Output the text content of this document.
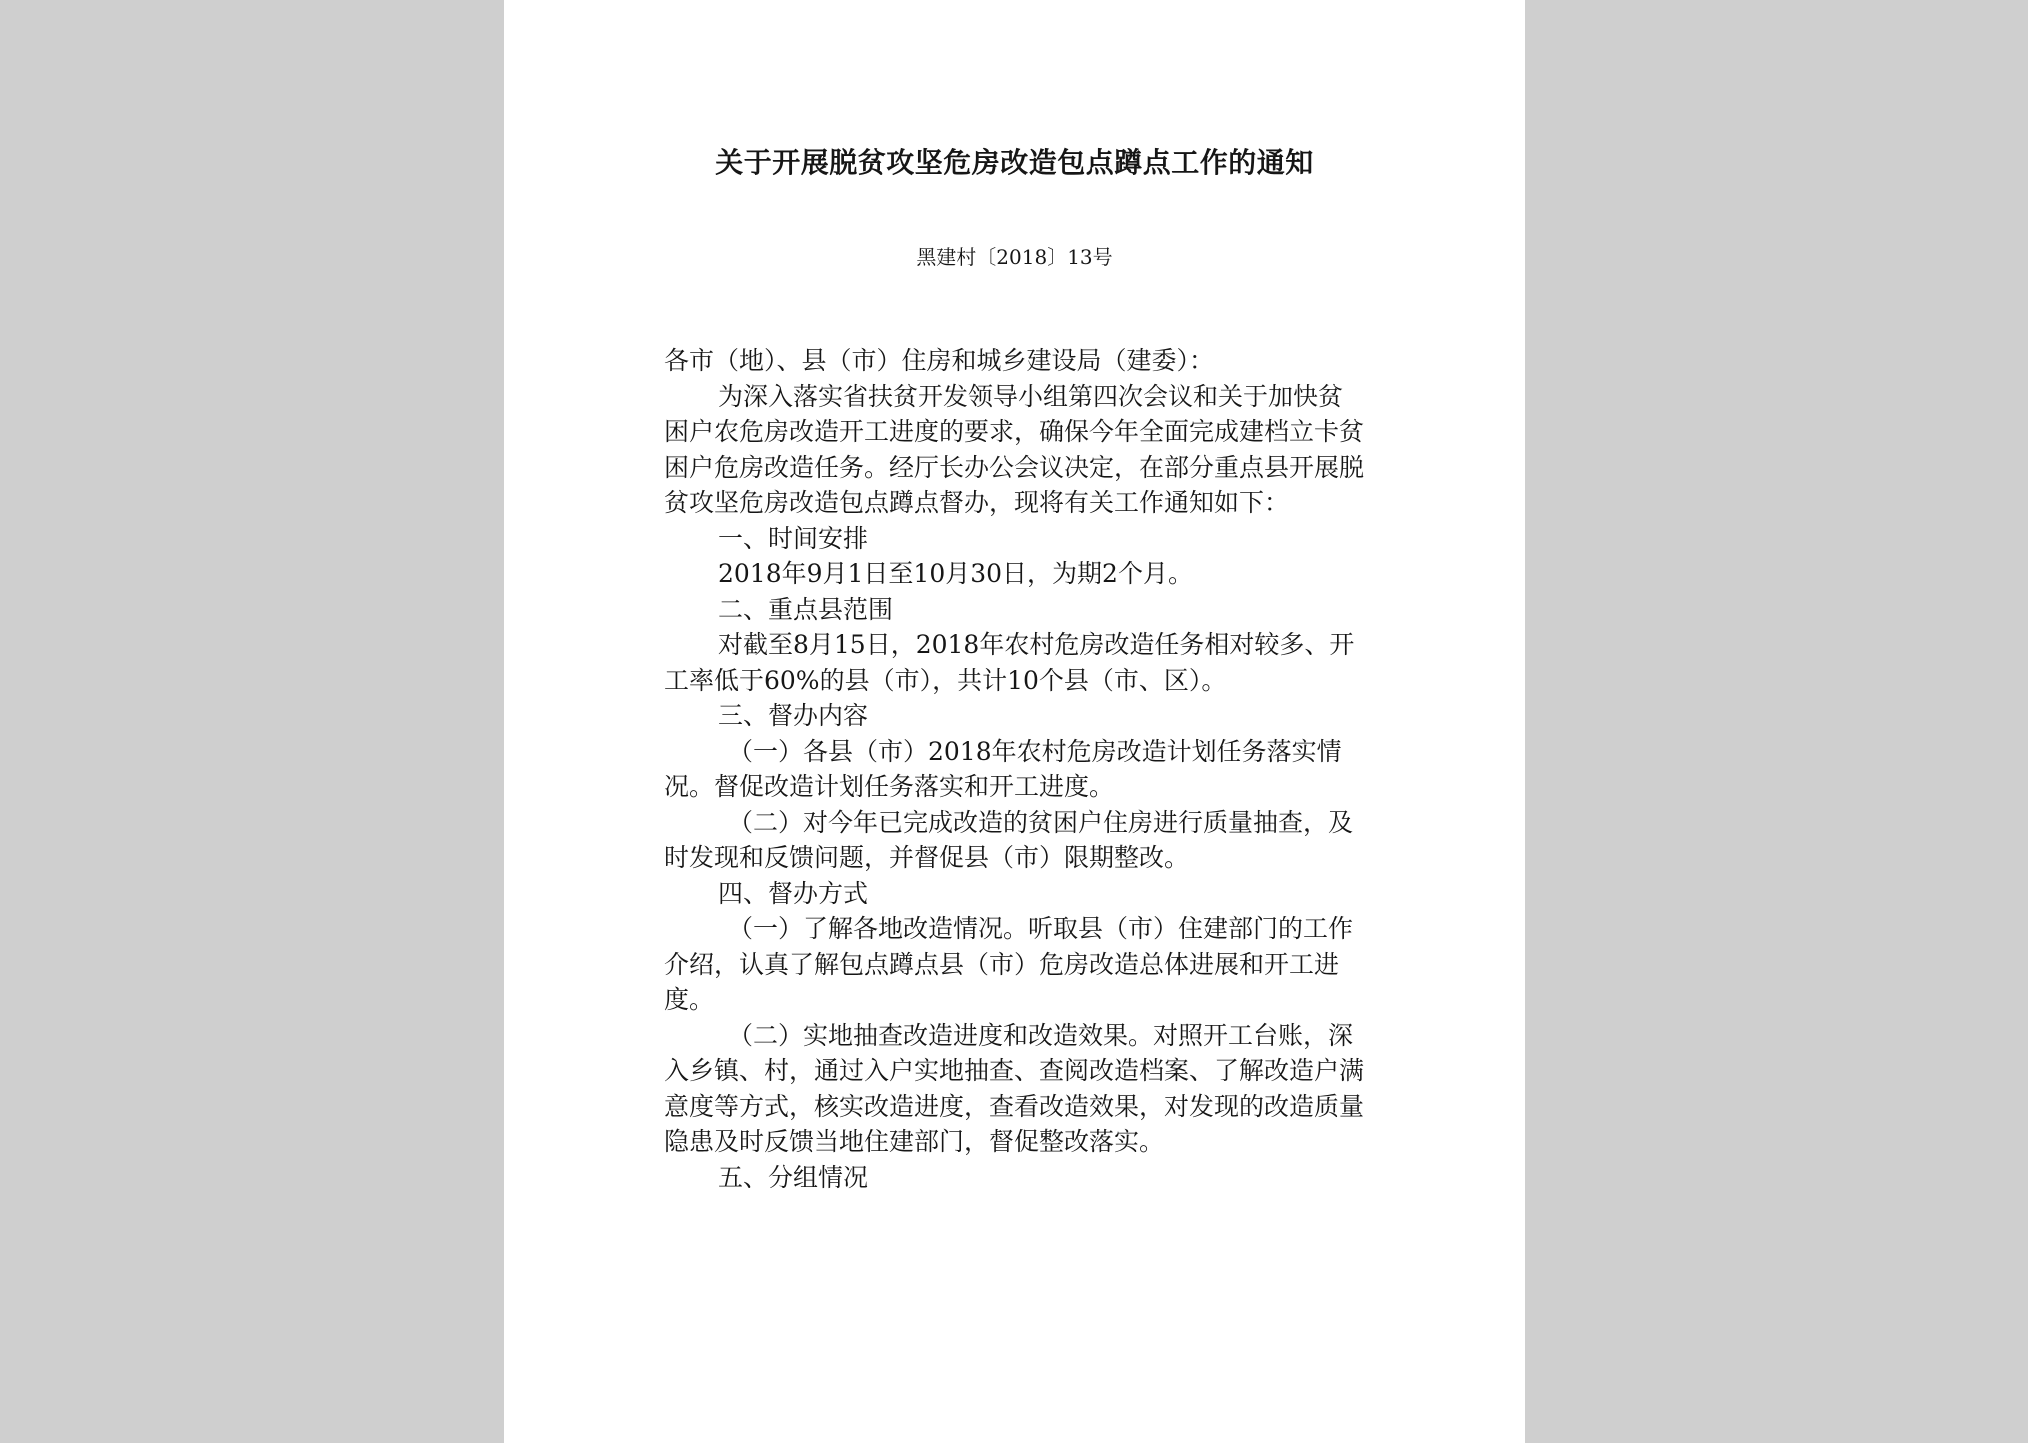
关于开展脱贫攻坚危房改造包点蹲点工作的通知
黑建村〔2018〕13号

各市（地）、县（市）住房和城乡建设局（建委）：

为深入落实省扶贫开发领导小组第四次会议和关于加快贫困户农危房改造开工进度的要求，确保今年全面完成建档立卡贫困户危房改造任务。经厅长办公会议决定，在部分重点县开展脱贫攻坚危房改造包点蹲点督办，现将有关工作通知如下：

一、时间安排

2018年9月1日至10月30日，为期2个月。

二、重点县范围

对截至8月15日，2018年农村危房改造任务相对较多、开工率低于60%的县（市），共计10个县（市、区）。

三、督办内容

（一）各县（市）2018年农村危房改造计划任务落实情况。督促改造计划任务落实和开工进度。

（二）对今年已完成改造的贫困户住房进行质量抽查，及时发现和反馈问题，并督促县（市）限期整改。

四、督办方式

（一）了解各地改造情况。听取县（市）住建部门的工作介绍，认真了解包点蹲点县（市）危房改造总体进展和开工进度。

（二）实地抽查改造进度和改造效果。对照开工台账，深入乡镇、村，通过入户实地抽查、查阅改造档案、了解改造户满意度等方式，核实改造进度，查看改造效果，对发现的改造质量隐患及时反馈当地住建部门，督促整改落实。

五、分组情况
